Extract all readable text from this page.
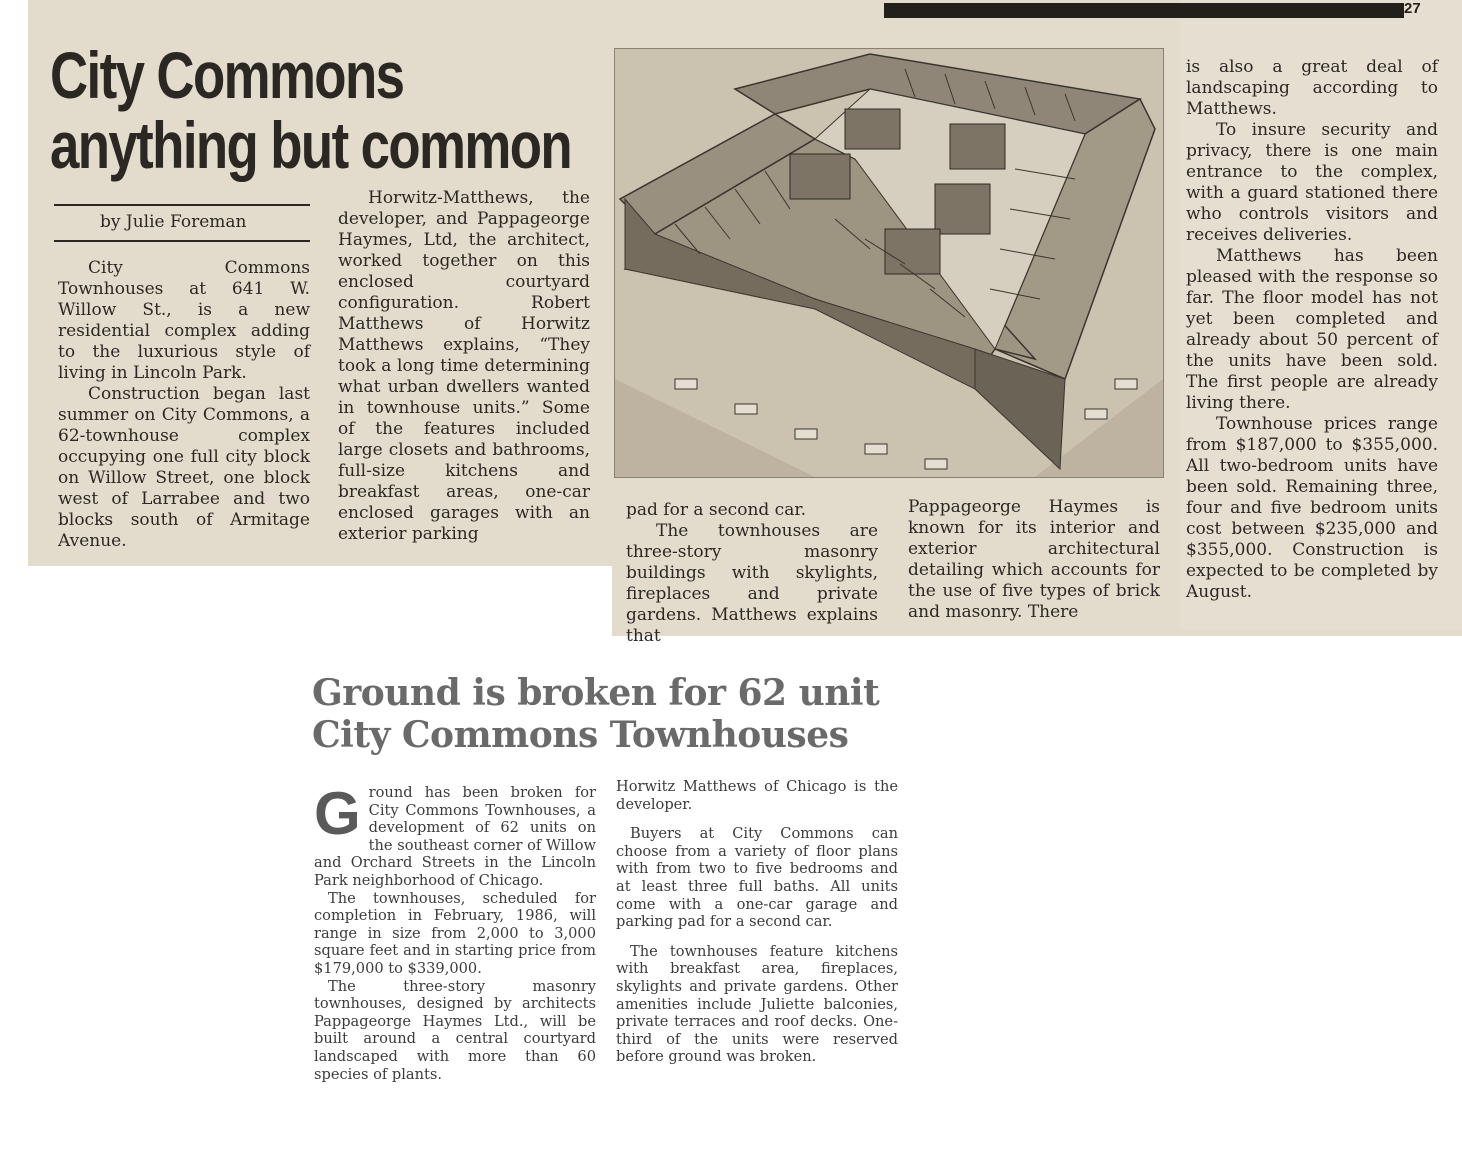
27
City Commons
anything but common
by Julie Foreman

City Commons Townhouses at 641 W. Willow St., is a new residential complex adding to the luxurious style of living in Lincoln Park.

Construction began last summer on City Commons, a 62-townhouse complex occupying one full city block on Willow Street, one block west of Larrabee and two blocks south of Armitage Avenue.

Horwitz-Matthews, the developer, and Pappageorge Haymes, Ltd, the architect, worked together on this enclosed courtyard configuration. Robert Matthews of Horwitz Matthews explains, “They took a long time determining what urban dwellers wanted in townhouse units.” Some of the features included large closets and bathrooms, full-size kitchens and breakfast areas, one-car enclosed garages with an exterior parking

pad for a second car.

The townhouses are three-story masonry buildings with skylights, fireplaces and private gardens. Matthews explains that

Pappageorge Haymes is known for its interior and exterior architectural detailing which accounts for the use of five types of brick and masonry. There

is also a great deal of landscaping according to Matthews.

To insure security and privacy, there is one main entrance to the complex, with a guard stationed there who controls visitors and receives deliveries.

Matthews has been pleased with the response so far. The floor model has not yet been completed and already about 50 percent of the units have been sold. The first people are already living there.

Townhouse prices range from $187,000 to $355,000. All two-bedroom units have been sold. Remaining three, four and five bedroom units cost between $235,000 and $355,000. Construction is expected to be completed by August.

Ground is broken for 62 unit
City Commons Townhouses
G round has been broken for City Commons Townhouses, a development of 62 units on the southeast corner of Willow and Orchard Streets in the Lincoln Park neighborhood of Chicago.

The townhouses, scheduled for completion in February, 1986, will range in size from 2,000 to 3,000 square feet and in starting price from $179,000 to $339,000.

The three-story masonry townhouses, designed by architects Pappageorge Haymes Ltd., will be built around a central courtyard landscaped with more than 60 species of plants.

Horwitz Matthews of Chicago is the developer.

Buyers at City Commons can choose from a variety of floor plans with from two to five bedrooms and at least three full baths. All units come with a one-car garage and parking pad for a second car.

The townhouses feature kitchens with breakfast area, fireplaces, skylights and private gardens. Other amenities include Juliette balconies, private terraces and roof decks. One-third of the units were reserved before ground was broken.
